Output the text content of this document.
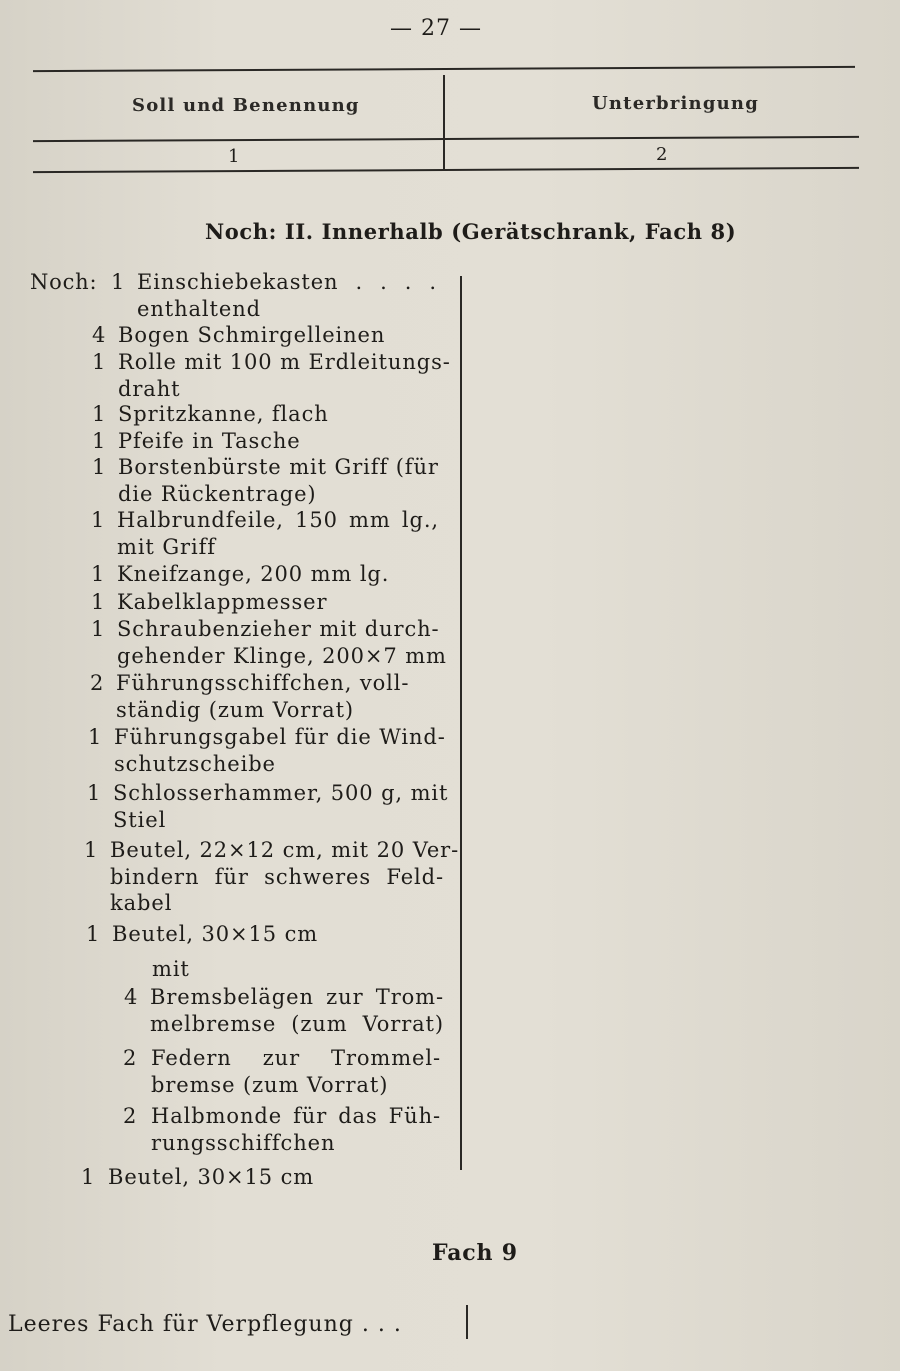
— 27 —
Soll und Benennung	Unterbringung
1	2
Noch: II. Innerhalb (Gerätschrank, Fach 8)
Noch: 1 Einschiebekasten . . . .
enthaltend
4 Bogen Schmirgelleinen
1 Rolle mit 100 m Erdleitungs-
draht
1 Spritzkanne, flach
1 Pfeife in Tasche
1 Borstenbürste mit Griff (für
die Rückentrage)
1 Halbrundfeile, 150 mm lg.,
mit Griff
1 Kneifzange, 200 mm lg.
1 Kabelklappmesser
1 Schraubenzieher mit durch-
gehender Klinge, 200×7 mm
2 Führungsschiffchen, voll-
ständig (zum Vorrat)
1 Führungsgabel für die Wind-
schutzscheibe
1 Schlosserhammer, 500 g, mit
Stiel
1 Beutel, 22×12 cm, mit 20 Ver-
bindern für schweres Feld-
kabel
1 Beutel, 30×15 cm
mit
4 Bremsbelägen zur Trom-
melbremse (zum Vorrat)
2 Federn zur Trommel-
bremse (zum Vorrat)
2 Halbmonde für das Füh-
rungsschiffchen
1 Beutel, 30×15 cm
Fach 9
Leeres Fach für Verpflegung . . .
